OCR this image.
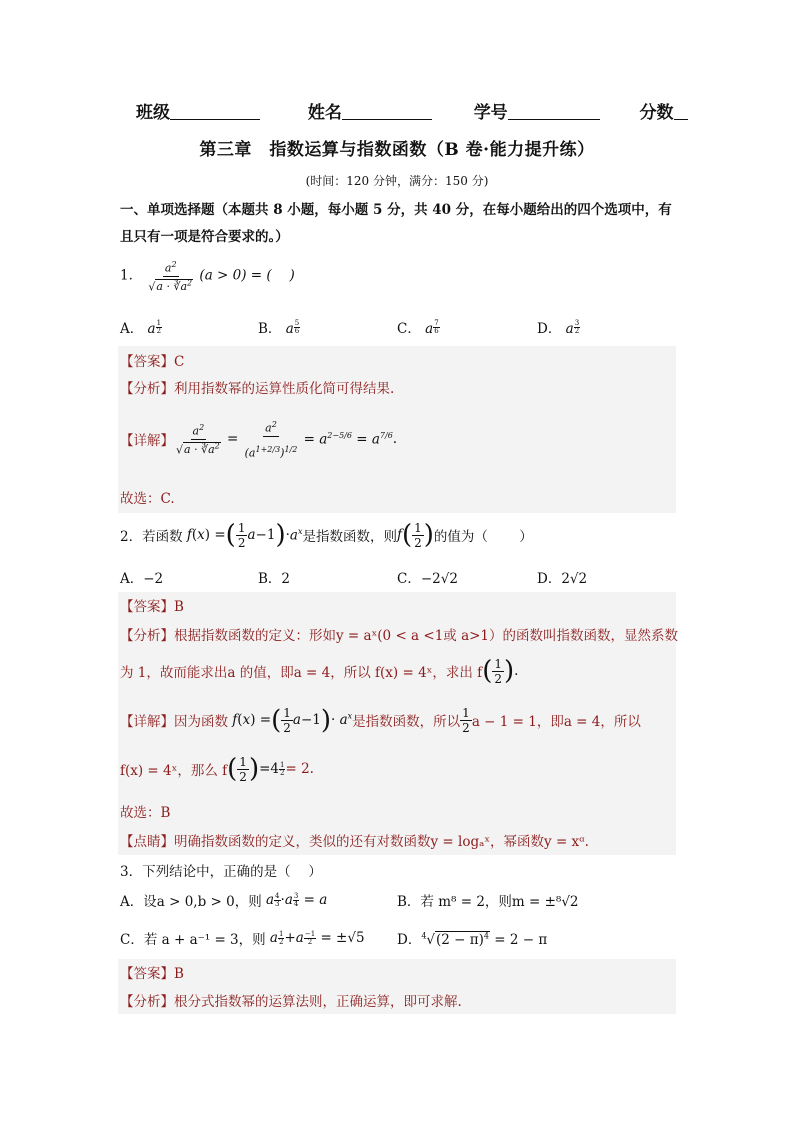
班级	姓名	学号	分数
第三章　指数运算与指数函数（B 卷·能力提升练）
(时间：120 分钟，满分：150 分)
一、单项选择题（本题共 8 小题，每小题 5 分，共 40 分，在每小题给出的四个选项中，有且只有一项是符合要求的。）
1． $\frac{a^2}{√a \cdot ∛a^2} (a > 0)$ = (　 )
A． a $\frac{1}{2}$	B． a $\frac{5}{6}$	C． a $\frac{7}{6}$	D． a $\frac{3}{2}$
【答案】C
【分析】利用指数幂的运算性质化简可得结果.
【详解】 $\frac{a^2}{√a \cdot ∛a^2} = \frac{a^2}{(a^{1+2/3})^{1/2}} = a^{2-5/6} = a^{7/6}$ .
故选：C.
2．若函数 f ( x ) = ( $\frac{1}{2}$ a −1 ) · $a^x$ 是指数函数，则 f ( $\frac{1}{2}$ ) 的值为（　　 ）
A．−2	B．2	C．−2√2	D．2√2
【答案】B
【分析】根据指数函数的定义：形如y = aˣ(0 < a <1或 a>1）的函数叫指数函数，显然系数
为 1，故而能求出a 的值，即a = 4，所以 f(x) = 4ˣ，求出 f ( $\frac{1}{2}$ ) .
【详解】 因为函数 f(x) =( $\frac{1}{2} a-1)\cdot a^x$ 是指数函数，所以 $\frac{1}{2}$ a − 1 = 1，即a = 4，所以
f(x) = 4ˣ，那么 f ( $\frac{1}{2}$ ) $=4 \frac{1}{2} = 2$.
故选：B
【点睛】明确指数函数的定义，类似的还有对数函数y = logₐˣ，幂函数y = xᵅ.
3．下列结论中，正确的是（　 ）
A．设a > 0,b > 0，则 a 4
3 · a $\frac{3}{4} = a$	B．若 m⁸ = 2，则m = ±⁸√2
C．若 a + a⁻¹ = 3，则 a 1
2 + a $\frac{-1}{2} = \pm√5$ D．$^4√(2 - \pi)^4 = 2 - \pi$
【答案】B
【分析】根分式指数幂的运算法则，正确运算，即可求解.
